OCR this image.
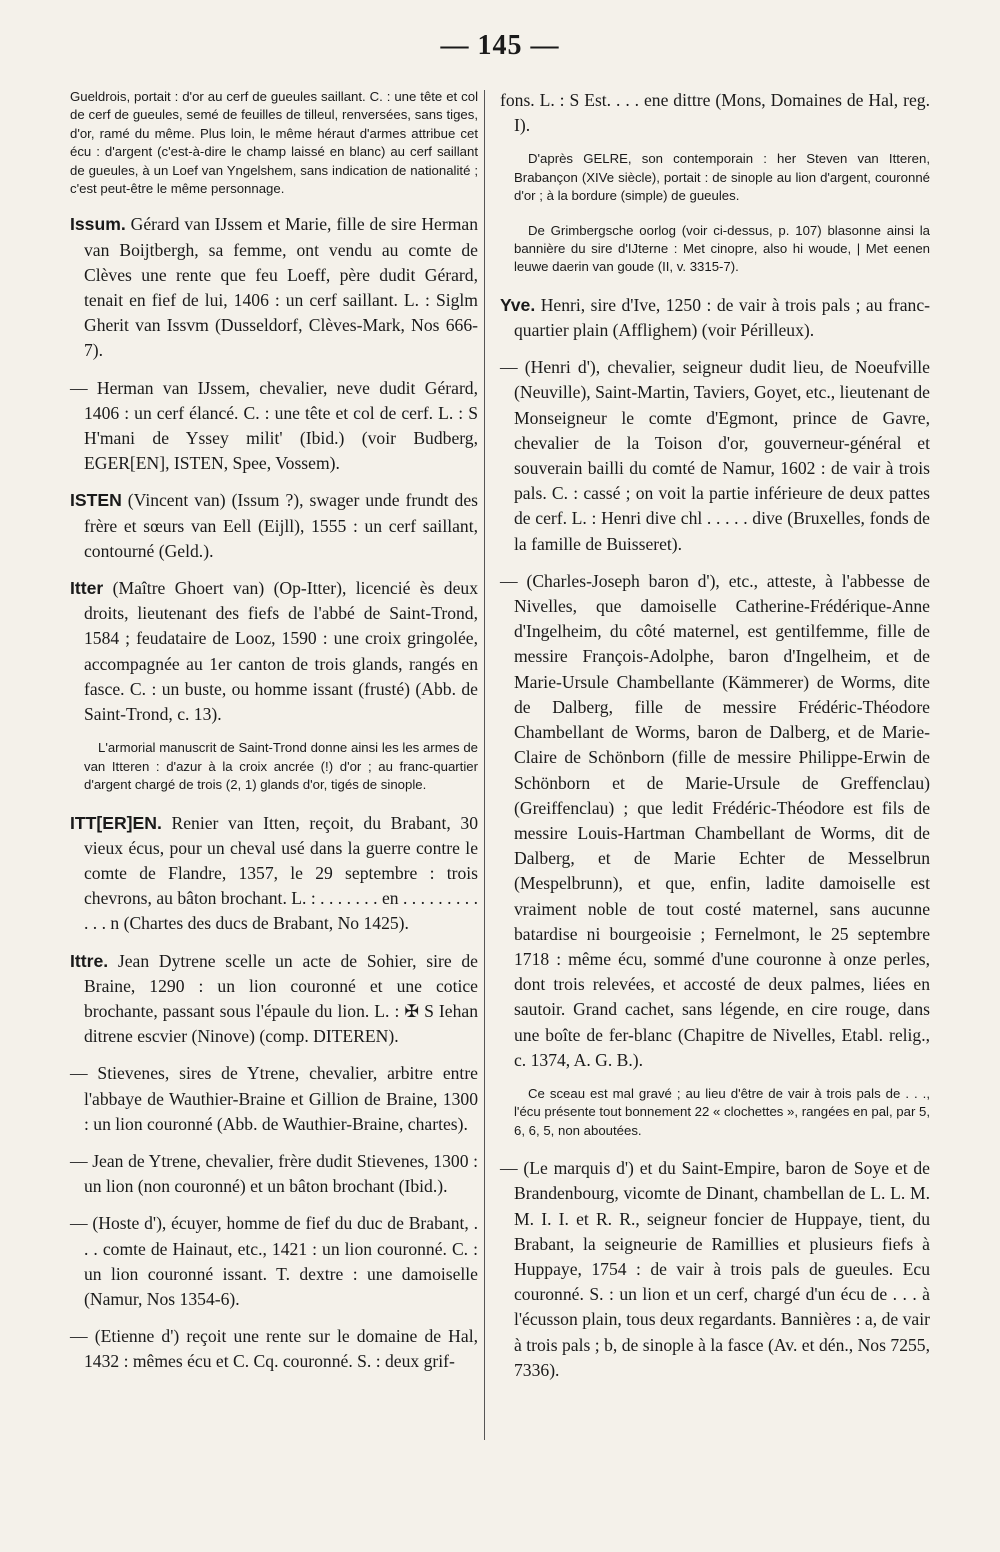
— 145 —

Gueldrois, portait : d'or au cerf de gueules saillant. C. : une tête et col de cerf de gueules, semé de feuilles de tilleul, renversées, sans tiges, d'or, ramé du même. Plus loin, le même héraut d'armes attribue cet écu : d'argent (c'est-à-dire le champ laissé en blanc) au cerf saillant de gueules, à un Loef van Yngelshem, sans indication de nationalité ; c'est peut-être le même personnage.

Issum. Gérard van IJssem et Marie, fille de sire Herman van Boijtbergh, sa femme, ont vendu au comte de Clèves une rente que feu Loeff, père dudit Gérard, tenait en fief de lui, 1406 : un cerf saillant. L. : Siglm Gherit van Issvm (Dusseldorf, Clèves-Mark, Nos 666-7).

— Herman van IJssem, chevalier, neve dudit Gérard, 1406 : un cerf élancé. C. : une tête et col de cerf. L. : S H'mani de Yssey milit' (Ibid.) (voir Budberg, EGER[EN], ISTEN, Spee, Vossem).

ISTEN (Vincent van) (Issum ?), swager unde frundt des frère et sœurs van Eell (Eijll), 1555 : un cerf saillant, contourné (Geld.).

Itter (Maître Ghoert van) (Op-Itter), licencié ès deux droits, lieutenant des fiefs de l'abbé de Saint-Trond, 1584 ; feudataire de Looz, 1590 : une croix gringolée, accompagnée au 1er canton de trois glands, rangés en fasce. C. : un buste, ou homme issant (frusté) (Abb. de Saint-Trond, c. 13).

L'armorial manuscrit de Saint-Trond donne ainsi les les armes de van Itteren : d'azur à la croix ancrée (!) d'or ; au franc-quartier d'argent chargé de trois (2, 1) glands d'or, tigés de sinople.

ITT[ER]EN. Renier van Itten, reçoit, du Brabant, 30 vieux écus, pour un cheval usé dans la guerre contre le comte de Flandre, 1357, le 29 septembre : trois chevrons, au bâton brochant. L. : . . . . . . . en . . . . . . . . . . . . n (Chartes des ducs de Brabant, No 1425).

Ittre. Jean Dytrene scelle un acte de Sohier, sire de Braine, 1290 : un lion couronné et une cotice brochante, passant sous l'épaule du lion. L. : ✠ S Iehan ditrene escvier (Ninove) (comp. DITEREN).

— Stievenes, sires de Ytrene, chevalier, arbitre entre l'abbaye de Wauthier-Braine et Gillion de Braine, 1300 : un lion couronné (Abb. de Wauthier-Braine, chartes).

— Jean de Ytrene, chevalier, frère dudit Stievenes, 1300 : un lion (non couronné) et un bâton brochant (Ibid.).

— (Hoste d'), écuyer, homme de fief du duc de Brabant, . . . comte de Hainaut, etc., 1421 : un lion couronné. C. : un lion couronné issant. T. dextre : une damoiselle (Namur, Nos 1354-6).

— (Etienne d') reçoit une rente sur le domaine de Hal, 1432 : mêmes écu et C. Cq. couronné. S. : deux grif-

fons. L. : S Est. . . . ene dittre (Mons, Domaines de Hal, reg. I).

D'après GELRE, son contemporain : her Steven van Itteren, Brabançon (XIVe siècle), portait : de sinople au lion d'argent, couronné d'or ; à la bordure (simple) de gueules.

De Grimbergsche oorlog (voir ci-dessus, p. 107) blasonne ainsi la bannière du sire d'IJterne : Met cinopre, also hi woude, | Met eenen leuwe daerin van goude (II, v. 3315-7).

Yve. Henri, sire d'Ive, 1250 : de vair à trois pals ; au franc-quartier plain (Afflighem) (voir Périlleux).

— (Henri d'), chevalier, seigneur dudit lieu, de Noeufville (Neuville), Saint-Martin, Taviers, Goyet, etc., lieutenant de Monseigneur le comte d'Egmont, prince de Gavre, chevalier de la Toison d'or, gouverneur-général et souverain bailli du comté de Namur, 1602 : de vair à trois pals. C. : cassé ; on voit la partie inférieure de deux pattes de cerf. L. : Henri dive chl . . . . . dive (Bruxelles, fonds de la famille de Buisseret).

— (Charles-Joseph baron d'), etc., atteste, à l'abbesse de Nivelles, que damoiselle Catherine-Frédérique-Anne d'Ingelheim, du côté maternel, est gentilfemme, fille de messire François-Adolphe, baron d'Ingelheim, et de Marie-Ursule Chambellante (Kämmerer) de Worms, dite de Dalberg, fille de messire Frédéric-Théodore Chambellant de Worms, baron de Dalberg, et de Marie-Claire de Schönborn (fille de messire Philippe-Erwin de Schönborn et de Marie-Ursule de Greffenclau) (Greiffenclau) ; que ledit Frédéric-Théodore est fils de messire Louis-Hartman Chambellant de Worms, dit de Dalberg, et de Marie Echter de Messelbrun (Mespelbrunn), et que, enfin, ladite damoiselle est vraiment noble de tout costé maternel, sans aucunne batardise ni bourgeoisie ; Fernelmont, le 25 septembre 1718 : même écu, sommé d'une couronne à onze perles, dont trois relevées, et accosté de deux palmes, liées en sautoir. Grand cachet, sans légende, en cire rouge, dans une boîte de fer-blanc (Chapitre de Nivelles, Etabl. relig., c. 1374, A. G. B.).

Ce sceau est mal gravé ; au lieu d'être de vair à trois pals de . . ., l'écu présente tout bonnement 22 « clochettes », rangées en pal, par 5, 6, 6, 5, non aboutées.

— (Le marquis d') et du Saint-Empire, baron de Soye et de Brandenbourg, vicomte de Dinant, chambellan de L. L. M. M. I. I. et R. R., seigneur foncier de Huppaye, tient, du Brabant, la seigneurie de Ramillies et plusieurs fiefs à Huppaye, 1754 : de vair à trois pals de gueules. Ecu couronné. S. : un lion et un cerf, chargé d'un écu de . . . à l'écusson plain, tous deux regardants. Bannières : a, de vair à trois pals ; b, de sinople à la fasce (Av. et dén., Nos 7255, 7336).
